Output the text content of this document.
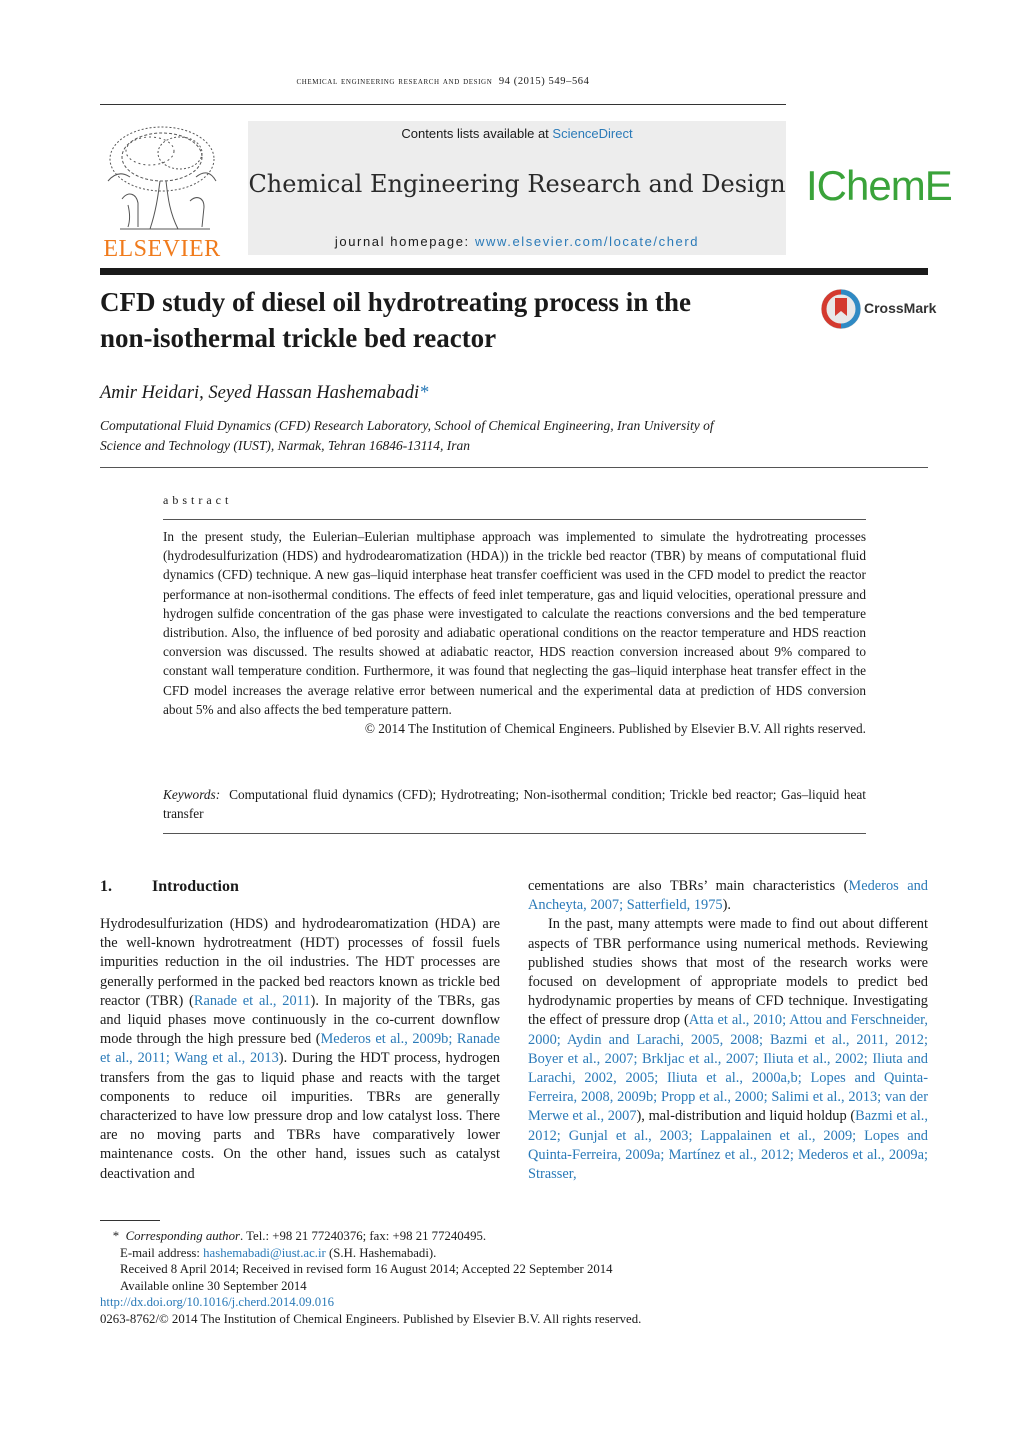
chemical engineering research and design 94 (2015) 549–564
ELSEVIER
Contents lists available at ScienceDirect
Chemical Engineering Research and Design
journal homepage: www.elsevier.com/locate/cherd
IChemE
CFD study of diesel oil hydrotreating process in the
non-isothermal trickle bed reactor
CrossMark
Amir Heidari, Seyed Hassan Hashemabadi*
Computational Fluid Dynamics (CFD) Research Laboratory, School of Chemical Engineering, Iran University of
Science and Technology (IUST), Narmak, Tehran 16846-13114, Iran
abstract
In the present study, the Eulerian–Eulerian multiphase approach was implemented to simulate the hydrotreating processes (hydrodesulfurization (HDS) and hydrodearomatization (HDA)) in the trickle bed reactor (TBR) by means of computational fluid dynamics (CFD) technique. A new gas–liquid interphase heat transfer coefficient was used in the CFD model to predict the reactor performance at non-isothermal conditions. The effects of feed inlet temperature, gas and liquid velocities, operational pressure and hydrogen sulfide concentration of the gas phase were investigated to calculate the reactions conversions and the bed temperature distribution. Also, the influence of bed porosity and adiabatic operational conditions on the reactor temperature and HDS reaction conversion was discussed. The results showed at adiabatic reactor, HDS reaction conversion increased about 9% compared to constant wall temperature condition. Furthermore, it was found that neglecting the gas–liquid interphase heat transfer effect in the CFD model increases the average relative error between numerical and the experimental data at prediction of HDS conversion about 5% and also affects the bed temperature pattern.
© 2014 The Institution of Chemical Engineers. Published by Elsevier B.V. All rights reserved.
Keywords: Computational fluid dynamics (CFD); Hydrotreating; Non-isothermal condition; Trickle bed reactor; Gas–liquid heat transfer
1.	Introduction
Hydrodesulfurization (HDS) and hydrodearomatization (HDA) are the well-known hydrotreatment (HDT) processes of fossil fuels impurities reduction in the oil industries. The HDT processes are generally performed in the packed bed reactors known as trickle bed reactor (TBR) (Ranade et al., 2011). In majority of the TBRs, gas and liquid phases move continuously in the co-current downflow mode through the high pressure bed (Mederos et al., 2009b; Ranade et al., 2011; Wang et al., 2013). During the HDT process, hydrogen transfers from the gas to liquid phase and reacts with the target components to reduce oil impurities. TBRs are generally characterized to have low pressure drop and low catalyst loss. There are no moving parts and TBRs have comparatively lower maintenance costs. On the other hand, issues such as catalyst deactivation and
cementations are also TBRs’ main characteristics (Mederos and Ancheyta, 2007; Satterfield, 1975).
In the past, many attempts were made to find out about different aspects of TBR performance using numerical methods. Reviewing published studies shows that most of the research works were focused on development of appropriate models to predict bed hydrodynamic properties by means of CFD technique. Investigating the effect of pressure drop (Atta et al., 2010; Attou and Ferschneider, 2000; Aydin and Larachi, 2005, 2008; Bazmi et al., 2011, 2012; Boyer et al., 2007; Brkljac et al., 2007; Iliuta et al., 2002; Iliuta and Larachi, 2002, 2005; Iliuta et al., 2000a,b; Lopes and Quinta-Ferreira, 2008, 2009b; Propp et al., 2000; Salimi et al., 2013; van der Merwe et al., 2007), mal-distribution and liquid holdup (Bazmi et al., 2012; Gunjal et al., 2003; Lappalainen et al., 2009; Lopes and Quinta-Ferreira, 2009a; Martínez et al., 2012; Mederos et al., 2009a; Strasser,
*  Corresponding author. Tel.: +98 21 77240376; fax: +98 21 77240495.
E-mail address: hashemabadi@iust.ac.ir (S.H. Hashemabadi).
Received 8 April 2014; Received in revised form 16 August 2014; Accepted 22 September 2014
Available online 30 September 2014
http://dx.doi.org/10.1016/j.cherd.2014.09.016
0263-8762/© 2014 The Institution of Chemical Engineers. Published by Elsevier B.V. All rights reserved.
